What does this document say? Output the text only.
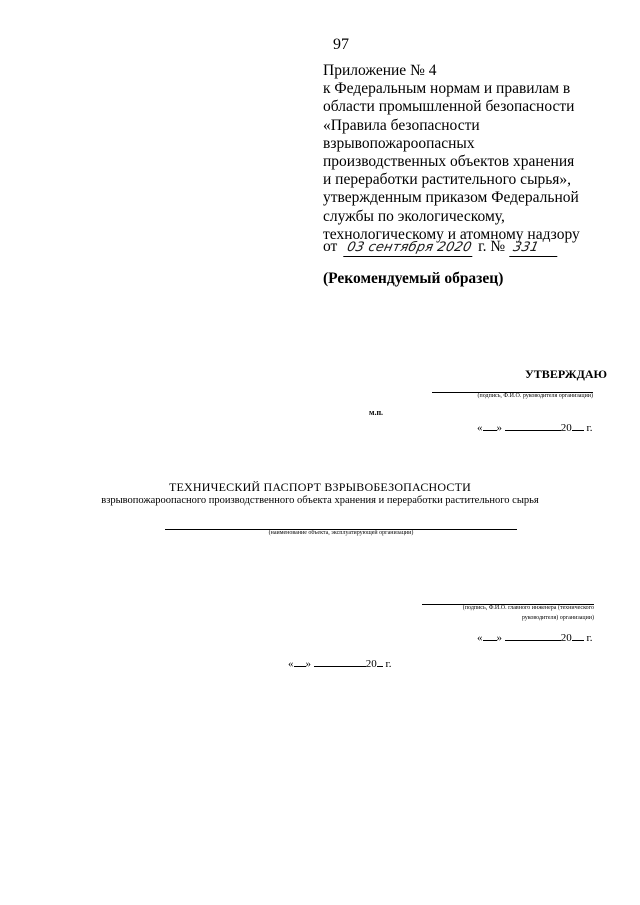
97
Приложение № 4
к Федеральным нормам и правилам в
области промышленной безопасности
«Правила безопасности
взрывопожароопасных
производственных объектов хранения
и переработки растительного сырья»,
утвержденным приказом Федеральной
службы по экологическому,
технологическому и атомному надзору
от 03 сентября 2020 г. № 331
(Рекомендуемый образец)
УТВЕРЖДАЮ
(подпись, Ф.И.О. руководителя организации)
м.п.
« »	20 г.
ТЕХНИЧЕСКИЙ ПАСПОРТ ВЗРЫВОБЕЗОПАСНОСТИ
взрывопожароопасного производственного объекта хранения и переработки растительного сырья
(наименование объекта, эксплуатирующей организации)
(подпись, Ф.И.О. главного инженера (технического
руководителя) организации)
« »	20 г.
« »	20 г.
